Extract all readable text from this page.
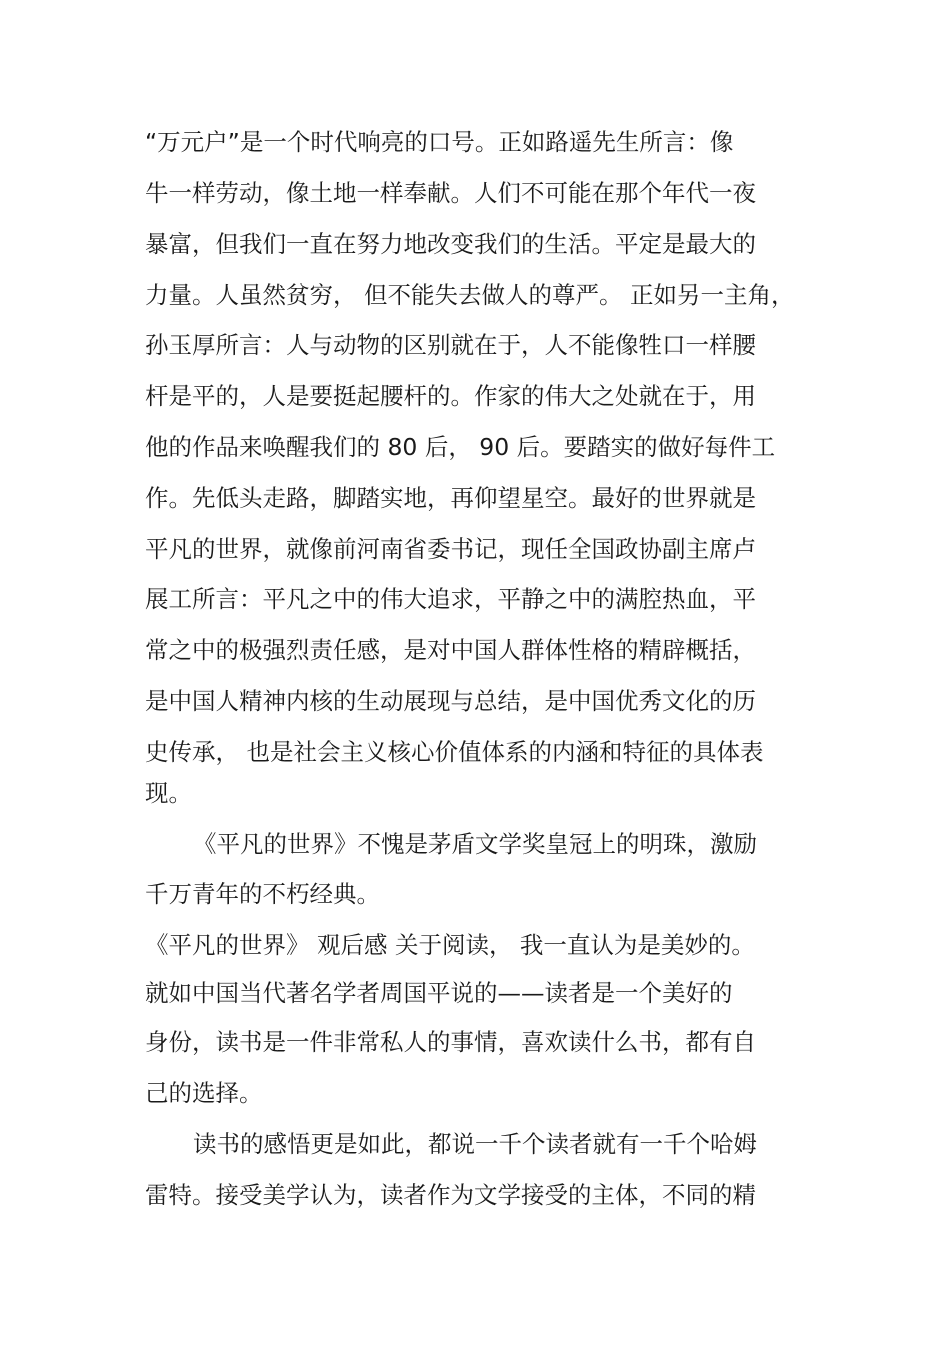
“万元户”是一个时代响亮的口号。正如路遥先生所言：像

牛一样劳动，像土地一样奉献。人们不可能在那个年代一夜

暴富，但我们一直在努力地改变我们的生活。平定是最大的

力量。人虽然贫穷， 但不能失去做人的尊严。 正如另一主角，

孙玉厚所言：人与动物的区别就在于，人不能像牲口一样腰

杆是平的，人是要挺起腰杆的。作家的伟大之处就在于，用

他的作品来唤醒我们的 80 后， 90 后。要踏实的做好每件工

作。先低头走路，脚踏实地，再仰望星空。最好的世界就是

平凡的世界，就像前河南省委书记，现任全国政协副主席卢

展工所言：平凡之中的伟大追求，平静之中的满腔热血，平

常之中的极强烈责任感，是对中国人群体性格的精辟概括，

是中国人精神内核的生动展现与总结，是中国优秀文化的历

史传承， 也是社会主义核心价值体系的内涵和特征的具体表

现。

《平凡的世界》不愧是茅盾文学奖皇冠上的明珠，激励

千万青年的不朽经典。

《平凡的世界》 观后感 关于阅读， 我一直认为是美妙的。

就如中国当代著名学者周国平说的——读者是一个美好的

身份，读书是一件非常私人的事情，喜欢读什么书，都有自

己的选择。

读书的感悟更是如此，都说一千个读者就有一千个哈姆

雷特。接受美学认为，读者作为文学接受的主体，不同的精
